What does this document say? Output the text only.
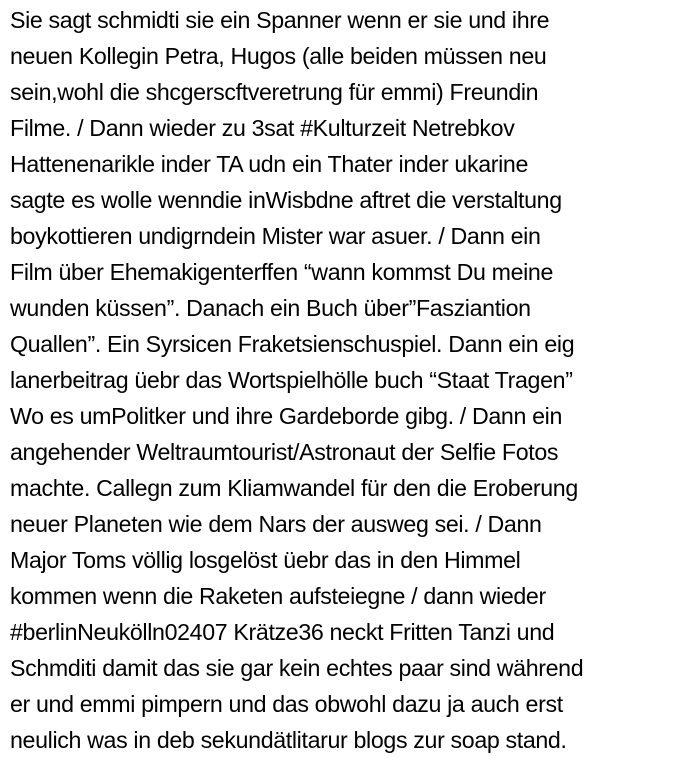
Sie sagt schmidti sie ein Spanner wenn er sie und ihre
neuen Kollegin Petra, Hugos (alle beiden müssen neu
sein,wohl die shcgerscftveretrung für emmi) Freundin
Filme. / Dann wieder zu 3sat #Kulturzeit Netrebkov
Hattenenarikle inder TA udn ein Thater inder ukarine
sagte es wolle wenndie inWisbdne aftret die verstaltung
boykottieren undigrndein Mister war asuer. / Dann ein
Film über Ehemakigenterffen “wann kommst Du meine
wunden küssen”. Danach ein Buch über”Fasziantion
Quallen”. Ein Syrsicen Fraketsienschuspiel. Dann ein eig
lanerbeitrag üebr das Wortspielhölle buch “Staat Tragen”
Wo es umPolitker und ihre Gardeborde gibg. / Dann ein
angehender Weltraumtourist/Astronaut der Selfie Fotos
machte. Callegn zum Kliamwandel für den die Eroberung
neuer Planeten wie dem Nars der ausweg sei. / Dann
Major Toms völlig losgelöst üebr das in den Himmel
kommen wenn die Raketen aufsteiegne / dann wieder
#berlinNeukölln02407 Krätze36 neckt Fritten Tanzi und
Schmditi damit das sie gar kein echtes paar sind während
er und emmi pimpern und das obwohl dazu ja auch erst
neulich was in deb sekundätlitarur blogs zur soap stand.
